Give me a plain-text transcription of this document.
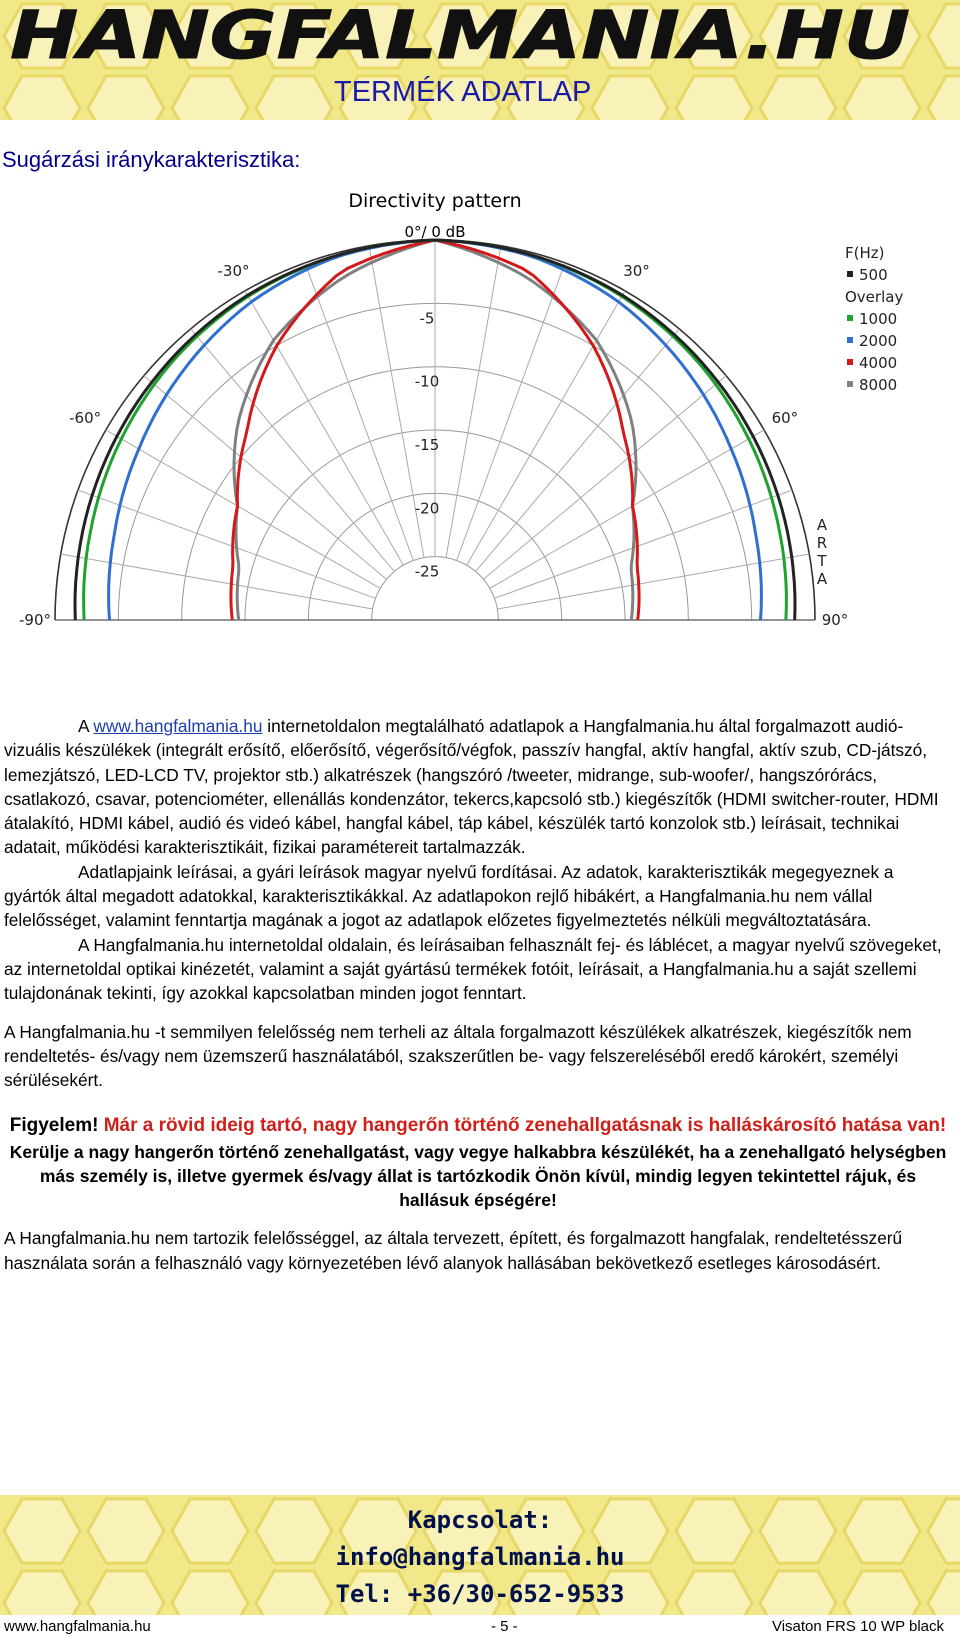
HANGFALMANIA.HU
TERMÉK ADATLAP
Sugárzási iránykarakterisztika:
Directivity pattern
0°/ 0 dB
-30°	30°
-60°	60°
-90°	90°
-5
-10
-15
-20
-25
A
R
T
A
F(Hz)
500
Overlay
1000
2000
4000
8000

A www.hangfalmania.hu internetoldalon megtalálható adatlapok a Hangfalmania.hu által forgalmazott audió-vizuális készülékek (integrált erősítő, előerősítő, végerősítő/végfok, passzív hangfal, aktív hangfal, aktív szub, CD-játszó, lemezjátszó, LED-LCD TV, projektor stb.) alkatrészek (hangszóró /tweeter, midrange, sub-woofer/, hangszórórács, csatlakozó, csavar, potenciométer, ellenállás kondenzátor, tekercs,kapcsoló stb.) kiegészítők (HDMI switcher-router, HDMI átalakító, HDMI kábel, audió és videó kábel, hangfal kábel, táp kábel, készülék tartó konzolok stb.) leírásait, technikai adatait, működési karakterisztikáit, fizikai paramétereit tartalmazzák.

Adatlapjaink leírásai, a gyári leírások magyar nyelvű fordításai. Az adatok, karakterisztikák megegyeznek a gyártók által megadott adatokkal, karakterisztikákkal. Az adatlapokon rejlő hibákért, a Hangfalmania.hu nem vállal felelősséget, valamint fenntartja magának a jogot az adatlapok előzetes figyelmeztetés nélküli megváltoztatására.

A Hangfalmania.hu internetoldal oldalain, és leírásaiban felhasznált fej- és láblécet, a magyar nyelvű szövegeket, az internetoldal optikai kinézetét, valamint a saját gyártású termékek fotóit, leírásait, a Hangfalmania.hu a saját szellemi tulajdonának tekinti, így azokkal kapcsolatban minden jogot fenntart.

A Hangfalmania.hu -t semmilyen felelősség nem terheli az általa forgalmazott készülékek alkatrészek, kiegészítők nem rendeltetés- és/vagy nem üzemszerű használatából, szakszerűtlen be- vagy felszereléséből eredő károkért, személyi sérülésekért.

Figyelem! Már a rövid ideig tartó, nagy hangerőn történő zenehallgatásnak is halláskárosító hatása van!
Kerülje a nagy hangerőn történő zenehallgatást, vagy vegye halkabbra készülékét, ha a zenehallgató helységben más személy is, illetve gyermek és/vagy állat is tartózkodik Önön kívül, mindig legyen tekintettel rájuk, és hallásuk épségére!

A Hangfalmania.hu nem tartozik felelősséggel, az általa tervezett, épített, és forgalmazott hangfalak, rendeltetésszerű használata során a felhasználó vagy környezetében lévő alanyok hallásában bekövetkező esetleges károsodásért.

Kapcsolat:
info@hangfalmania.hu
Tel: +36/30-652-9533
www.hangfalmania.hu	- 5 -	Visaton FRS 10 WP black
